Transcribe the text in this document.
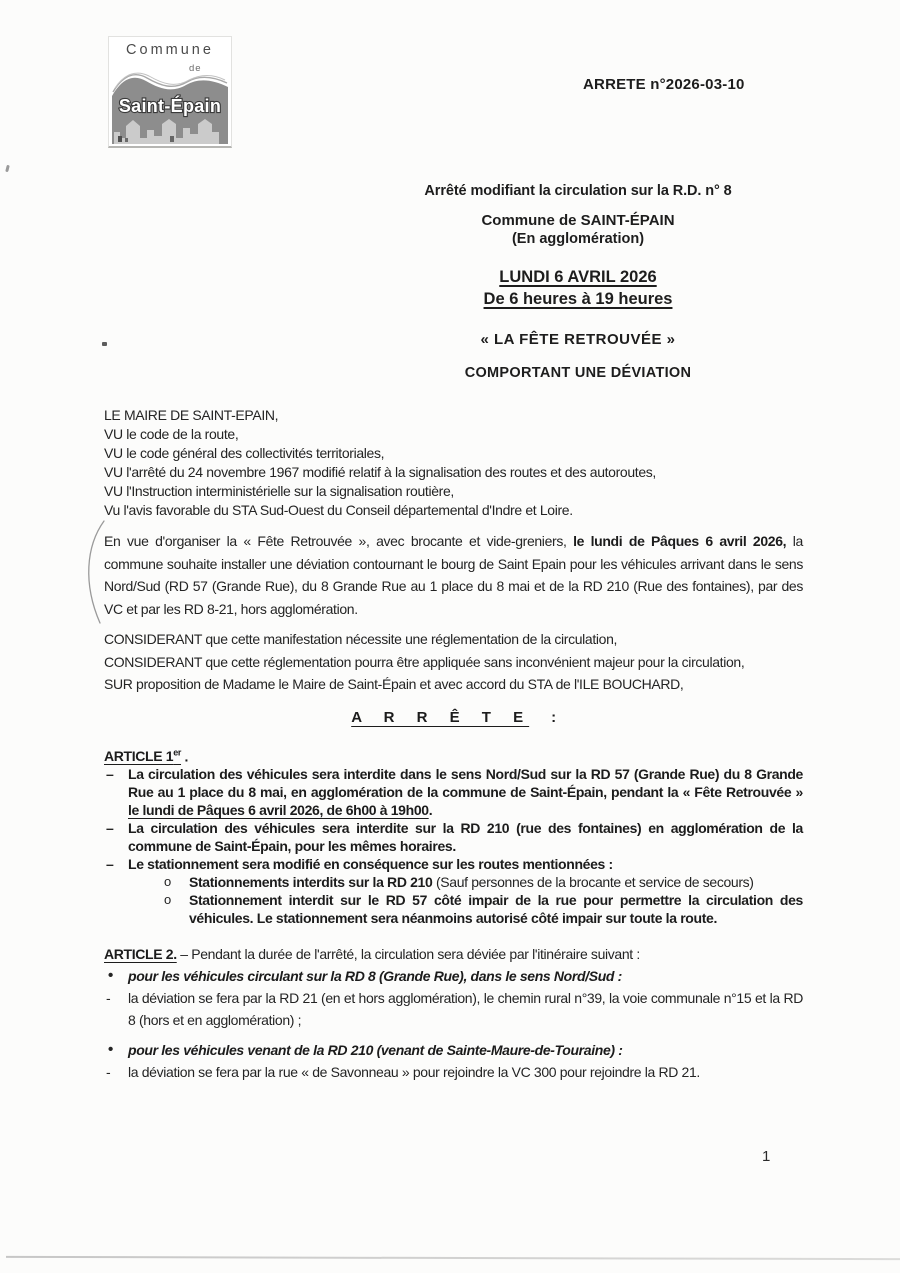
Commune
de
Saint-Épain
ARRETE n°2026-03-10
Arrêté modifiant la circulation sur la R.D. n° 8
Commune de SAINT-ÉPAIN
(En agglomération)
LUNDI 6 AVRIL 2026
De 6 heures à 19 heures
« LA FÊTE RETROUVÉE »
COMPORTANT UNE DÉVIATION
LE MAIRE DE SAINT-EPAIN,
VU le code de la route,
VU le code général des collectivités territoriales,
VU l'arrêté du 24 novembre 1967 modifié relatif à la signalisation des routes et des autoroutes,
VU l'Instruction interministérielle sur la signalisation routière,
Vu l'avis favorable du STA Sud-Ouest du Conseil départemental d'Indre et Loire.
En vue d'organiser la « Fête Retrouvée », avec brocante et vide-greniers, le lundi de Pâques 6 avril 2026, la commune souhaite installer une déviation contournant le bourg de Saint Epain pour les véhicules arrivant dans le sens Nord/Sud (RD 57 (Grande Rue), du 8 Grande Rue au 1 place du 8 mai et de la RD 210 (Rue des fontaines), par des VC et par les RD 8-21, hors agglomération.
CONSIDERANT que cette manifestation nécessite une réglementation de la circulation,
CONSIDERANT que cette réglementation pourra être appliquée sans inconvénient majeur pour la circulation,
SUR proposition de Madame le Maire de Saint-Épain et avec accord du STA de l'ILE BOUCHARD,
A R R Ê T E :
ARTICLE 1er .
– La circulation des véhicules sera interdite dans le sens Nord/Sud sur la RD 57 (Grande Rue) du 8 Grande Rue au 1 place du 8 mai, en agglomération de la commune de Saint-Épain, pendant la « Fête Retrouvée » le lundi de Pâques 6 avril 2026, de 6h00 à 19h00.
– La circulation des véhicules sera interdite sur la RD 210 (rue des fontaines) en agglomération de la commune de Saint-Épain, pour les mêmes horaires.
– Le stationnement sera modifié en conséquence sur les routes mentionnées :
o Stationnements interdits sur la RD 210 (Sauf personnes de la brocante et service de secours)
o Stationnement interdit sur le RD 57 côté impair de la rue pour permettre la circulation des véhicules. Le stationnement sera néanmoins autorisé côté impair sur toute la route.
ARTICLE 2. – Pendant la durée de l'arrêté, la circulation sera déviée par l'itinéraire suivant :
• pour les véhicules circulant sur la RD 8 (Grande Rue), dans le sens Nord/Sud :
- la déviation se fera par la RD 21 (en et hors agglomération), le chemin rural n°39, la voie communale n°15 et la RD 8 (hors et en agglomération) ;
• pour les véhicules venant de la RD 210 (venant de Sainte-Maure-de-Touraine) :
- la déviation se fera par la rue « de Savonneau » pour rejoindre la VC 300 pour rejoindre la RD 21.
1
